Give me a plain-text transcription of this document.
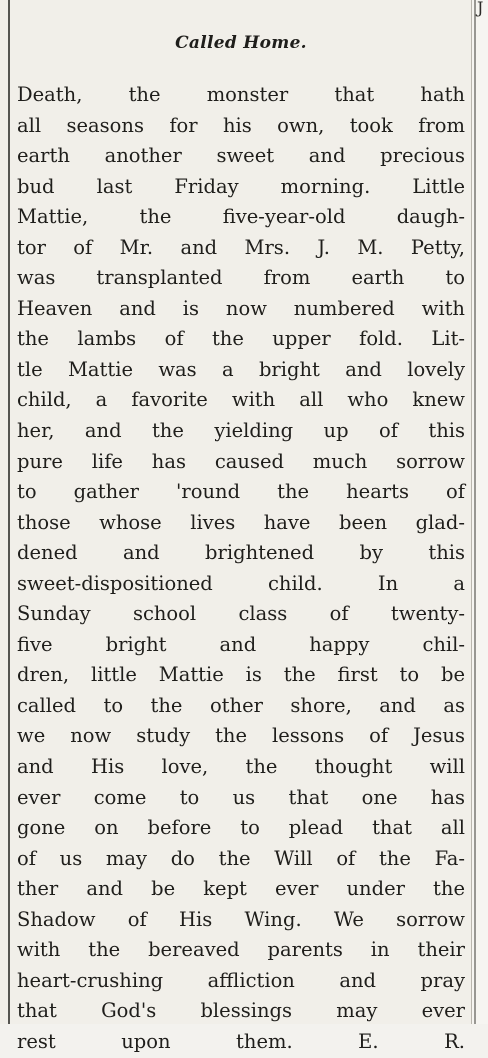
J
Called Home.
Death, the monster that hath
all seasons for his own, took from
earth another sweet and precious
bud last Friday morning. Little
Mattie, the five-year-old daugh-
tor of Mr. and Mrs. J. M. Petty,
was transplanted from earth to
Heaven and is now numbered with
the lambs of the upper fold. Lit-
tle Mattie was a bright and lovely
child, a favorite with all who knew
her, and the yielding up of this
pure life has caused much sorrow
to gather 'round the hearts of
those whose lives have been glad-
dened and brightened by this
sweet-dispositioned child. In a
Sunday school class of twenty-
five bright and happy chil-
dren, little Mattie is the first to be
called to the other shore, and as
we now study the lessons of Jesus
and His love, the thought will
ever come to us that one has
gone on before to plead that all
of us may do the Will of the Fa-
ther and be kept ever under the
Shadow of His Wing. We sorrow
with the bereaved parents in their
heart-crushing affliction and pray
that God's blessings may ever
rest upon them. E. R.
